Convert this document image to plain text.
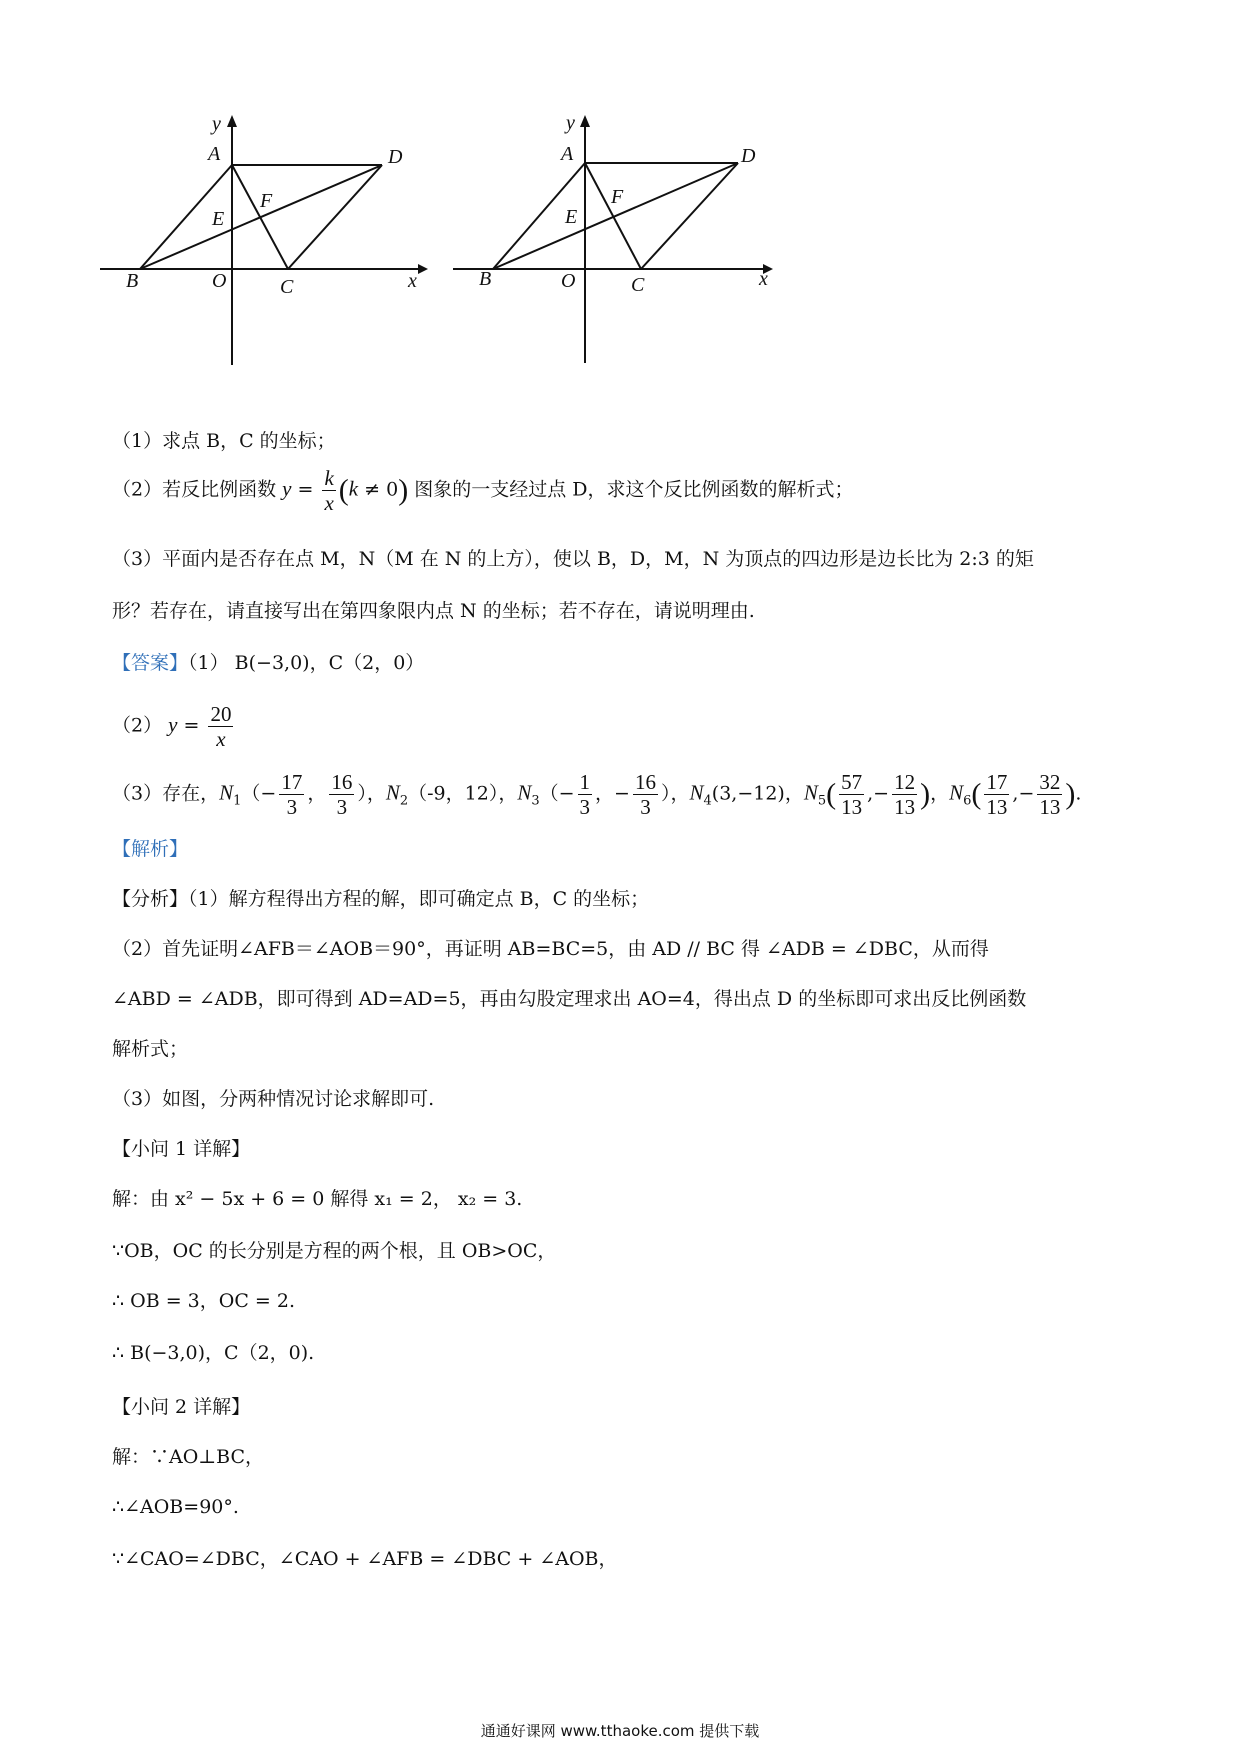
y
A	D
F
E
B	O	C	x
y
A	D
F
E
B	O	C	x
（1）求点 B，C 的坐标；
（2）若反比例函数 $y = \frac{k}{x} (k \ne 0)$ 图象的一支经过点 D，求这个反比例函数的解析式；
（3）平面内是否存在点 M，N（M 在 N 的上方），使以 B，D，M，N 为顶点的四边形是边长比为 2:3 的矩
形？若存在，请直接写出在第四象限内点 N 的坐标；若不存在，请说明理由.
【答案】（1） B(−3,0)，C（2，0）
（2） $y = \frac{20}{x}$
（3）存在，$N_1(- \frac{17}{3}$ ， $\frac{16}{3}$ ），$N_2(-9$，12），$N_3(- \frac{1}{3}$ ，− $\frac{16}{3}$ ），$N_4(3,-12)$，$N_5( \frac{57}{13}$ ,− $\frac{12}{13}$ )，$N_6( \frac{17}{13}$ ,− $\frac{32}{13}$ ).
【解析】
【分析】（1）解方程得出方程的解，即可确定点 B，C 的坐标；
（2）首先证明∠AFB＝∠AOB＝90°，再证明 AB=BC=5，由 AD // BC 得 ∠ADB = ∠DBC，从而得
∠ABD = ∠ADB，即可得到 AD=AD=5，再由勾股定理求出 AO=4，得出点 D 的坐标即可求出反比例函数
解析式；
（3）如图，分两种情况讨论求解即可.
【小问 1 详解】
解：由 x² − 5x + 6 = 0 解得 x₁ = 2， x₂ = 3.
∵OB，OC 的长分别是方程的两个根，且 OB>OC，
∴ OB = 3，OC = 2.
∴ B(−3,0)，C（2，0).
【小问 2 详解】
解：∵AO⊥BC，
∴∠AOB=90°.
∵∠CAO=∠DBC，∠CAO + ∠AFB = ∠DBC + ∠AOB，
通通好课网 www.tthaoke.com 提供下载
